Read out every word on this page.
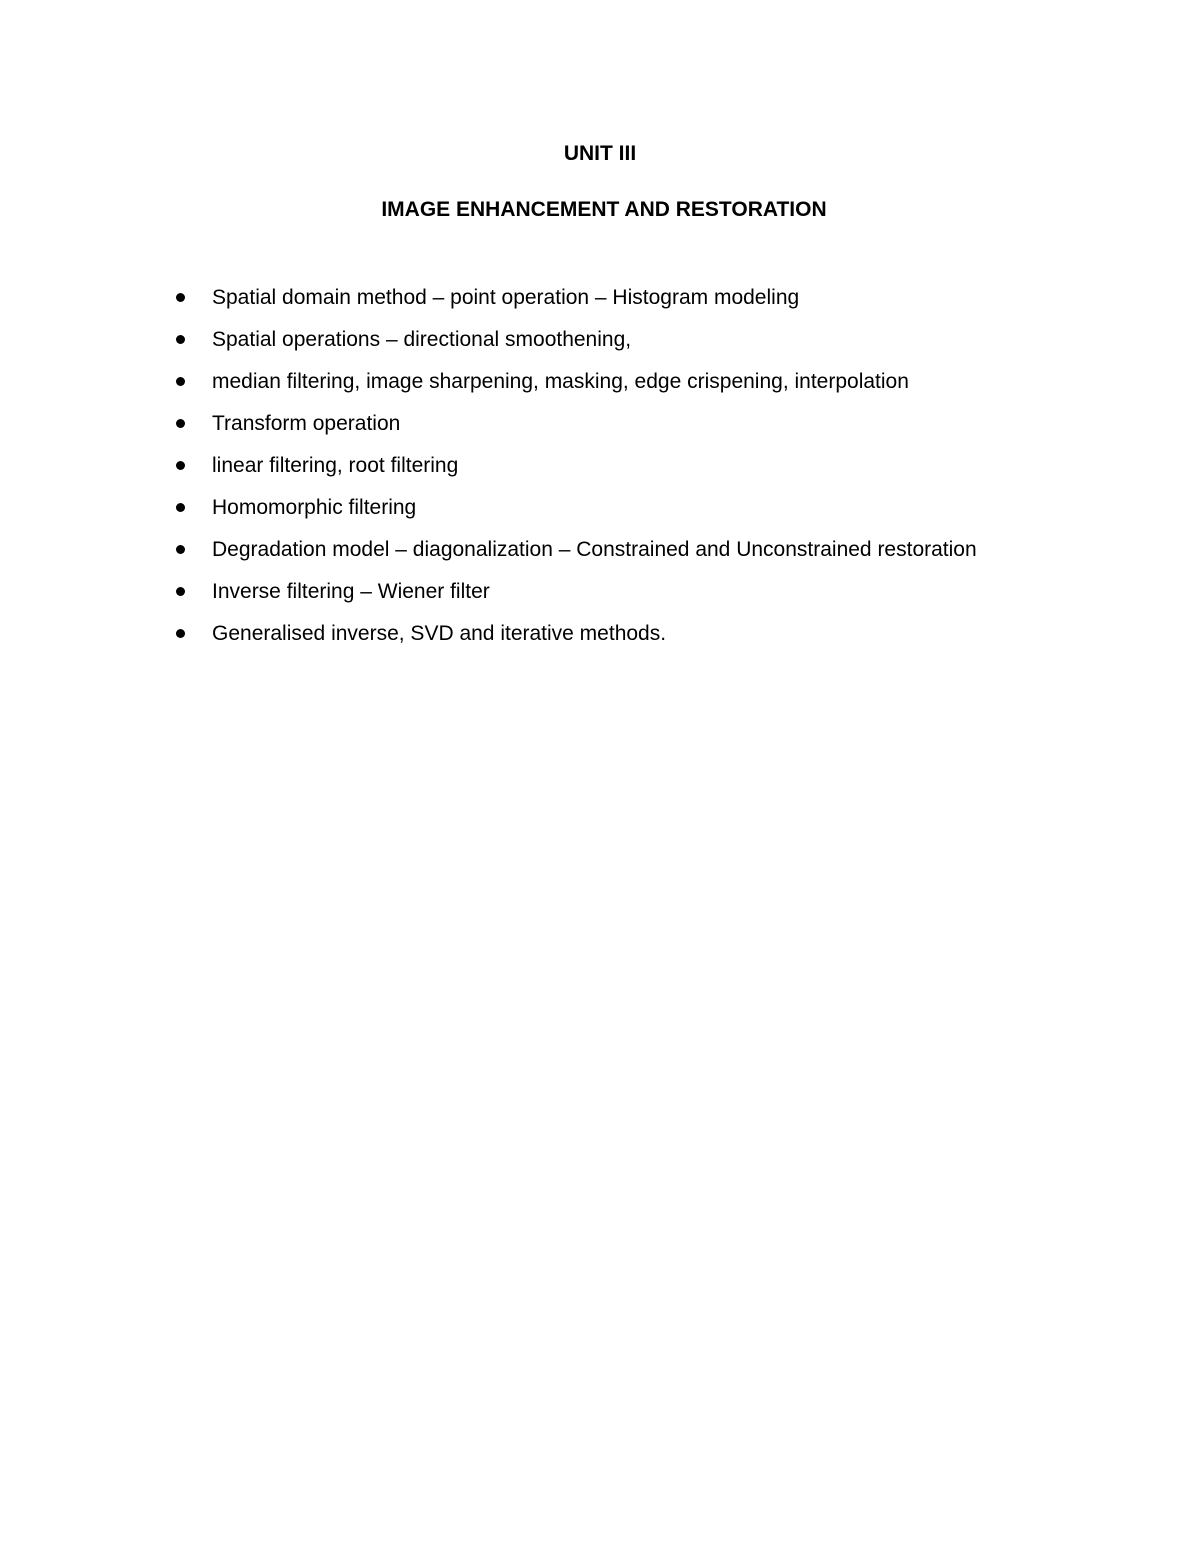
UNIT III
IMAGE ENHANCEMENT AND RESTORATION
Spatial domain method – point operation – Histogram modeling
Spatial operations – directional smoothening,
median filtering, image sharpening, masking, edge crispening, interpolation
Transform operation
linear filtering, root filtering
Homomorphic filtering
Degradation model – diagonalization – Constrained and Unconstrained restoration
Inverse filtering – Wiener filter
Generalised inverse, SVD and iterative methods.
